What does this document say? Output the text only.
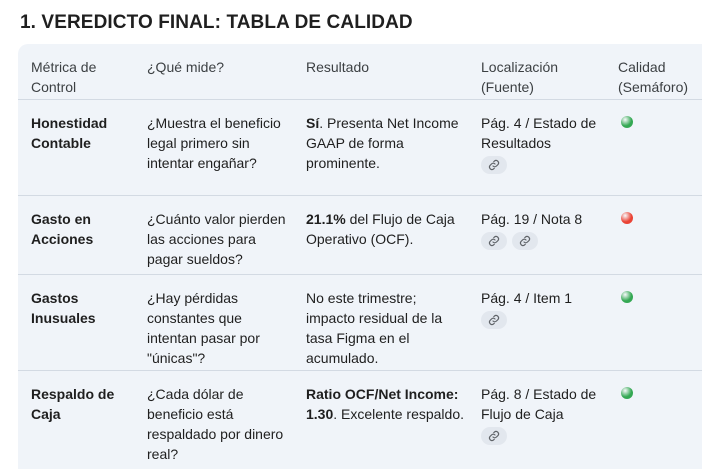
1. VEREDICTO FINAL: TABLA DE CALIDAD
Métrica de Control
¿Qué mide?	Resultado	Localización (Fuente)
Calidad (Semáforo)
Honestidad Contable
¿Muestra el beneficio legal primero sin intentar engañar?
Sí. Presenta Net Income GAAP de forma prominente.
Pág. 4 / Estado de Resultados
Gasto en Acciones
¿Cuánto valor pierden las acciones para pagar sueldos?
21.1% del Flujo de Caja Operativo (OCF).
Pág. 19 / Nota 8
Gastos Inusuales
¿Hay pérdidas constantes que intentan pasar por "únicas"?
No este trimestre; impacto residual de la tasa Figma en el acumulado.
Pág. 4 / Item 1
Respaldo de Caja
¿Cada dólar de beneficio está respaldado por dinero real?
Ratio OCF/Net Income: 1.30. Excelente respaldo.
Pág. 8 / Estado de Flujo de Caja
